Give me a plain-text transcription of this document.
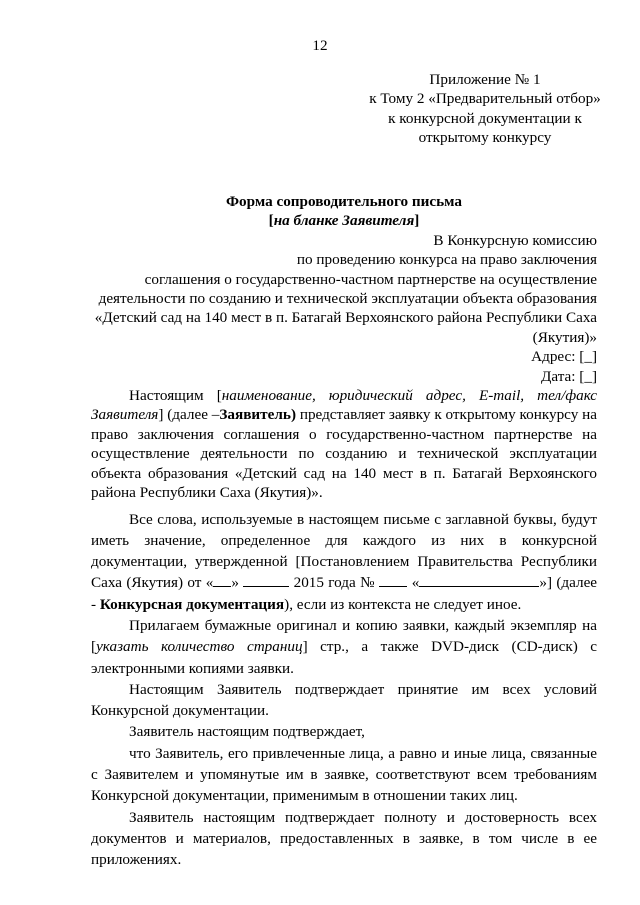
12
Приложение № 1
к Тому 2 «Предварительный отбор»
к конкурсной документации к
открытому конкурсу
Форма сопроводительного письма
[на бланке Заявителя]
В Конкурсную комиссию
по проведению конкурса на право заключения
соглашения о государственно-частном партнерстве на осуществление
деятельности по созданию и технической эксплуатации объекта образования
«Детский сад на 140 мест в п. Батагай Верхоянского района Республики Саха
(Якутия)»
Адрес: [_]
Дата: [_]
Настоящим [наименование, юридический адрес, E-mail, тел/факс Заявителя] (далее –Заявитель) представляет заявку к открытому конкурсу на право заключения соглашения о государственно-частном партнерстве на осуществление деятельности по созданию и технической эксплуатации объекта образования «Детский сад на 140 мест в п. Батагай Верхоянского района Республики Саха (Якутия)».
Все слова, используемые в настоящем письме с заглавной буквы, будут иметь значение, определенное для каждого из них в конкурсной документации, утвержденной [Постановлением Правительства Республики Саха (Якутия) от « »	2015 года № «	»] (далее - Конкурсная документация), если из контекста не следует иное.
Прилагаем бумажные оригинал и копию заявки, каждый экземпляр на [указать количество страниц] стр., а также DVD-диск (CD-диск) с электронными копиями заявки.
Настоящим Заявитель подтверждает принятие им всех условий Конкурсной документации.
Заявитель настоящим подтверждает,
что Заявитель, его привлеченные лица, а равно и иные лица, связанные с Заявителем и упомянутые им в заявке, соответствуют всем требованиям Конкурсной документации, применимым в отношении таких лиц.
Заявитель настоящим подтверждает полноту и достоверность всех документов и материалов, предоставленных в заявке, в том числе в ее приложениях.
